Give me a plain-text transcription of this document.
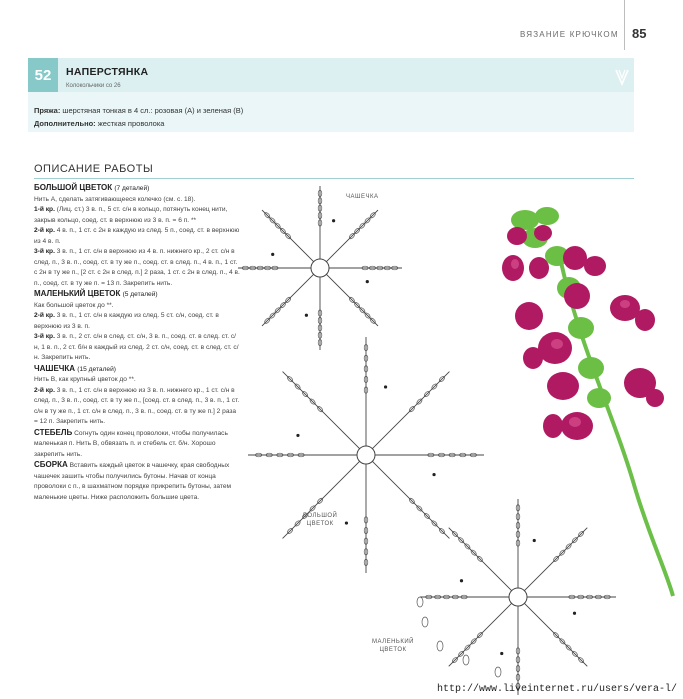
ВЯЗАНИЕ КРЮЧКОМ 85
52	НАПЕРСТЯНКА
Колокольчики со 26
Пряжа: шерстяная тонкая в 4 сл.: розовая (А) и зеленая (В)
Дополнительно: жесткая проволока
ОПИСАНИЕ РАБОТЫ

БОЛЬШОЙ ЦВЕТОК (7 деталей)

Нить А, сделать затягивающееся колечко (см. с. 18).

1-й кр. (Лиц. ст.) 3 в. п., 5 ст. с/н в кольцо, потянуть конец нити, закрыв кольцо, соед. ст. в верхнюю из 3 в. п. = 6 п. **

2-й кр. 4 в. п., 1 ст. с 2н в каждую из след. 5 п., соед. ст. в верхнюю из 4 в. п.

3-й кр. 3 в. п., 1 ст. с/н в верхнюю из 4 в. п. нижнего кр., 2 ст. с/н в след. п., 3 в. п., соед. ст. в ту же п., соед. ст. в след. п., 4 в. п., 1 ст. с 2н в ту же п., [2 ст. с 2н в след. п.] 2 раза, 1 ст. с 2н в след. п., 4 в. п., соед. ст. в ту же п. = 13 п. Закрепить нить.

МАЛЕНЬКИЙ ЦВЕТОК (5 деталей)

Как большой цветок до **.

2-й кр. 3 в. п., 1 ст. с/н в каждую из след. 5 ст. с/н, соед. ст. в верхнюю из 3 в. п.

3-й кр. 3 в. п., 2 ст. с/н в след. ст. с/н, 3 в. п., соед. ст. в след. ст. с/н, 1 в. п., 2 ст. б/н в каждый из след. 2 ст. с/н, соед. ст. в след. ст. с/н. Закрепить нить.

ЧАШЕЧКА (15 деталей)

Нить В, как крупный цветок до **.

2-й кр. 3 в. п., 1 ст. с/н в верхнюю из 3 в. п. нижнего кр., 1 ст. с/н в след. п., 3 в. п., соед. ст. в ту же п., [соед. ст. в след. п., 3 в. п., 1 ст. с/н в ту же п., 1 ст. с/н в след. п., 3 в. п., соед. ст. в ту же п.] 2 раза = 12 п. Закрепить нить.

СТЕБЕЛЬ Согнуть один конец проволоки, чтобы получилась маленькая п. Нить В, обвязать п. и стебель ст. б/н. Хорошо закрепить нить.

СБОРКА Вставить каждый цветок в чашечку, края свободных чашечек зашить чтобы получились бутоны. Начав от конца проволоки с п., в шахматном порядке прикрепить бутоны, затем маленькие цветы. Ниже расположить большие цвета.

ЧАШЕЧКА
БОЛЬШОЙ
ЦВЕТОК
МАЛЕНЬКИЙ
ЦВЕТОК
http://www.liveinternet.ru/users/vera-l/
